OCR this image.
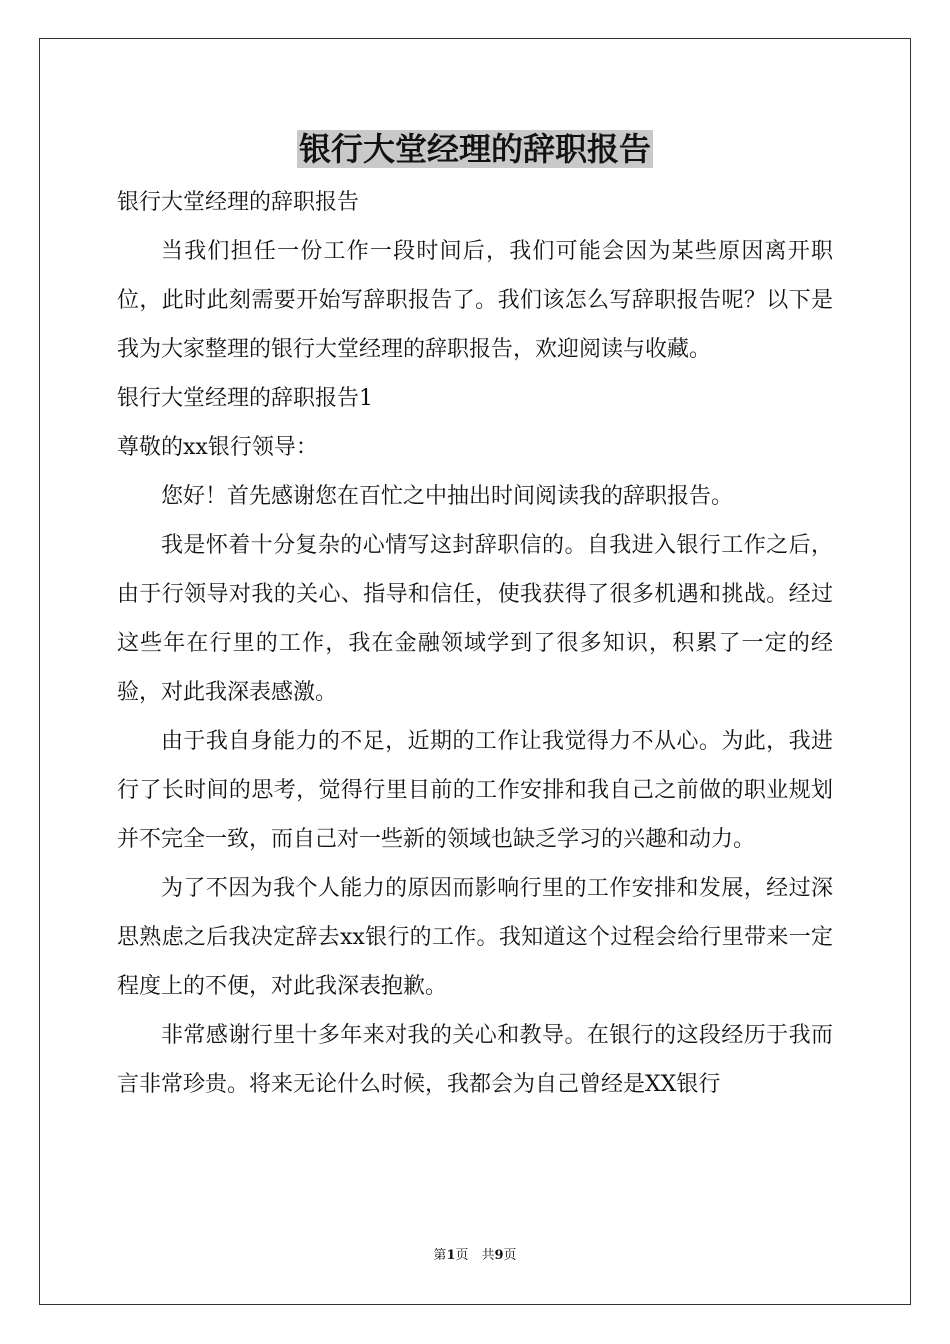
银行大堂经理的辞职报告

银行大堂经理的辞职报告

当我们担任一份工作一段时间后，我们可能会因为某些原因离开职位，此时此刻需要开始写辞职报告了。我们该怎么写辞职报告呢？以下是我为大家整理的银行大堂经理的辞职报告，欢迎阅读与收藏。

银行大堂经理的辞职报告1

尊敬的xx银行领导：

您好！首先感谢您在百忙之中抽出时间阅读我的辞职报告。

我是怀着十分复杂的心情写这封辞职信的。自我进入银行工作之后，由于行领导对我的关心、指导和信任，使我获得了很多机遇和挑战。经过这些年在行里的工作，我在金融领域学到了很多知识，积累了一定的经验，对此我深表感激。

由于我自身能力的不足，近期的工作让我觉得力不从心。为此，我进行了长时间的思考，觉得行里目前的工作安排和我自己之前做的职业规划并不完全一致，而自己对一些新的领域也缺乏学习的兴趣和动力。

为了不因为我个人能力的原因而影响行里的工作安排和发展，经过深思熟虑之后我决定辞去xx银行的工作。我知道这个过程会给行里带来一定程度上的不便，对此我深表抱歉。

非常感谢行里十多年来对我的关心和教导。在银行的这段经历于我而言非常珍贵。将来无论什么时候，我都会为自己曾经是XX银行

第1页　共9页
